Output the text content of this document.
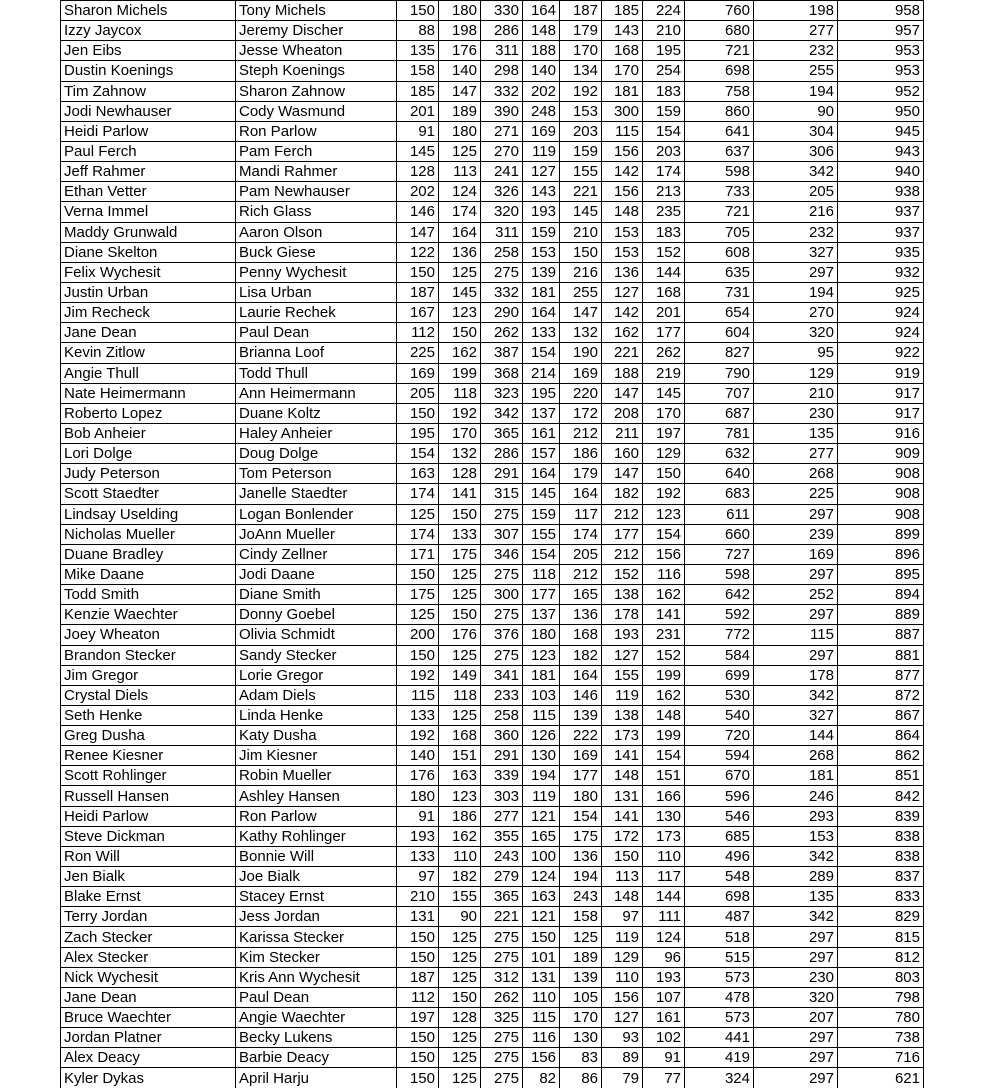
Sharon Michels	Tony Michels	150	180	330	164	187	185	224	760	198	958
Izzy Jaycox	Jeremy Discher	88	198	286	148	179	143	210	680	277	957
Jen Eibs	Jesse Wheaton	135	176	311	188	170	168	195	721	232	953
Dustin Koenings	Steph Koenings	158	140	298	140	134	170	254	698	255	953
Tim Zahnow	Sharon Zahnow	185	147	332	202	192	181	183	758	194	952
Jodi Newhauser	Cody Wasmund	201	189	390	248	153	300	159	860	90	950
Heidi Parlow	Ron Parlow	91	180	271	169	203	115	154	641	304	945
Paul Ferch	Pam Ferch	145	125	270	119	159	156	203	637	306	943
Jeff Rahmer	Mandi Rahmer	128	113	241	127	155	142	174	598	342	940
Ethan Vetter	Pam Newhauser	202	124	326	143	221	156	213	733	205	938
Verna Immel	Rich Glass	146	174	320	193	145	148	235	721	216	937
Maddy Grunwald	Aaron Olson	147	164	311	159	210	153	183	705	232	937
Diane Skelton	Buck Giese	122	136	258	153	150	153	152	608	327	935
Felix Wychesit	Penny Wychesit	150	125	275	139	216	136	144	635	297	932
Justin Urban	Lisa Urban	187	145	332	181	255	127	168	731	194	925
Jim Recheck	Laurie Rechek	167	123	290	164	147	142	201	654	270	924
Jane Dean	Paul Dean	112	150	262	133	132	162	177	604	320	924
Kevin Zitlow	Brianna Loof	225	162	387	154	190	221	262	827	95	922
Angie Thull	Todd Thull	169	199	368	214	169	188	219	790	129	919
Nate Heimermann	Ann Heimermann	205	118	323	195	220	147	145	707	210	917
Roberto Lopez	Duane Koltz	150	192	342	137	172	208	170	687	230	917
Bob Anheier	Haley Anheier	195	170	365	161	212	211	197	781	135	916
Lori Dolge	Doug Dolge	154	132	286	157	186	160	129	632	277	909
Judy Peterson	Tom Peterson	163	128	291	164	179	147	150	640	268	908
Scott Staedter	Janelle Staedter	174	141	315	145	164	182	192	683	225	908
Lindsay Uselding	Logan Bonlender	125	150	275	159	117	212	123	611	297	908
Nicholas Mueller	JoAnn Mueller	174	133	307	155	174	177	154	660	239	899
Duane Bradley	Cindy Zellner	171	175	346	154	205	212	156	727	169	896
Mike Daane	Jodi Daane	150	125	275	118	212	152	116	598	297	895
Todd Smith	Diane Smith	175	125	300	177	165	138	162	642	252	894
Kenzie Waechter	Donny Goebel	125	150	275	137	136	178	141	592	297	889
Joey Wheaton	Olivia Schmidt	200	176	376	180	168	193	231	772	115	887
Brandon Stecker	Sandy Stecker	150	125	275	123	182	127	152	584	297	881
Jim Gregor	Lorie Gregor	192	149	341	181	164	155	199	699	178	877
Crystal Diels	Adam Diels	115	118	233	103	146	119	162	530	342	872
Seth Henke	Linda Henke	133	125	258	115	139	138	148	540	327	867
Greg Dusha	Katy Dusha	192	168	360	126	222	173	199	720	144	864
Renee Kiesner	Jim Kiesner	140	151	291	130	169	141	154	594	268	862
Scott Rohlinger	Robin Mueller	176	163	339	194	177	148	151	670	181	851
Russell Hansen	Ashley Hansen	180	123	303	119	180	131	166	596	246	842
Heidi Parlow	Ron Parlow	91	186	277	121	154	141	130	546	293	839
Steve Dickman	Kathy Rohlinger	193	162	355	165	175	172	173	685	153	838
Ron Will	Bonnie Will	133	110	243	100	136	150	110	496	342	838
Jen Bialk	Joe Bialk	97	182	279	124	194	113	117	548	289	837
Blake Ernst	Stacey Ernst	210	155	365	163	243	148	144	698	135	833
Terry Jordan	Jess Jordan	131	90	221	121	158	97	111	487	342	829
Zach Stecker	Karissa Stecker	150	125	275	150	125	119	124	518	297	815
Alex Stecker	Kim Stecker	150	125	275	101	189	129	96	515	297	812
Nick Wychesit	Kris Ann Wychesit	187	125	312	131	139	110	193	573	230	803
Jane Dean	Paul Dean	112	150	262	110	105	156	107	478	320	798
Bruce Waechter	Angie Waechter	197	128	325	115	170	127	161	573	207	780
Jordan Platner	Becky Lukens	150	125	275	116	130	93	102	441	297	738
Alex Deacy	Barbie Deacy	150	125	275	156	83	89	91	419	297	716
Kyler Dykas	April Harju	150	125	275	82	86	79	77	324	297	621
